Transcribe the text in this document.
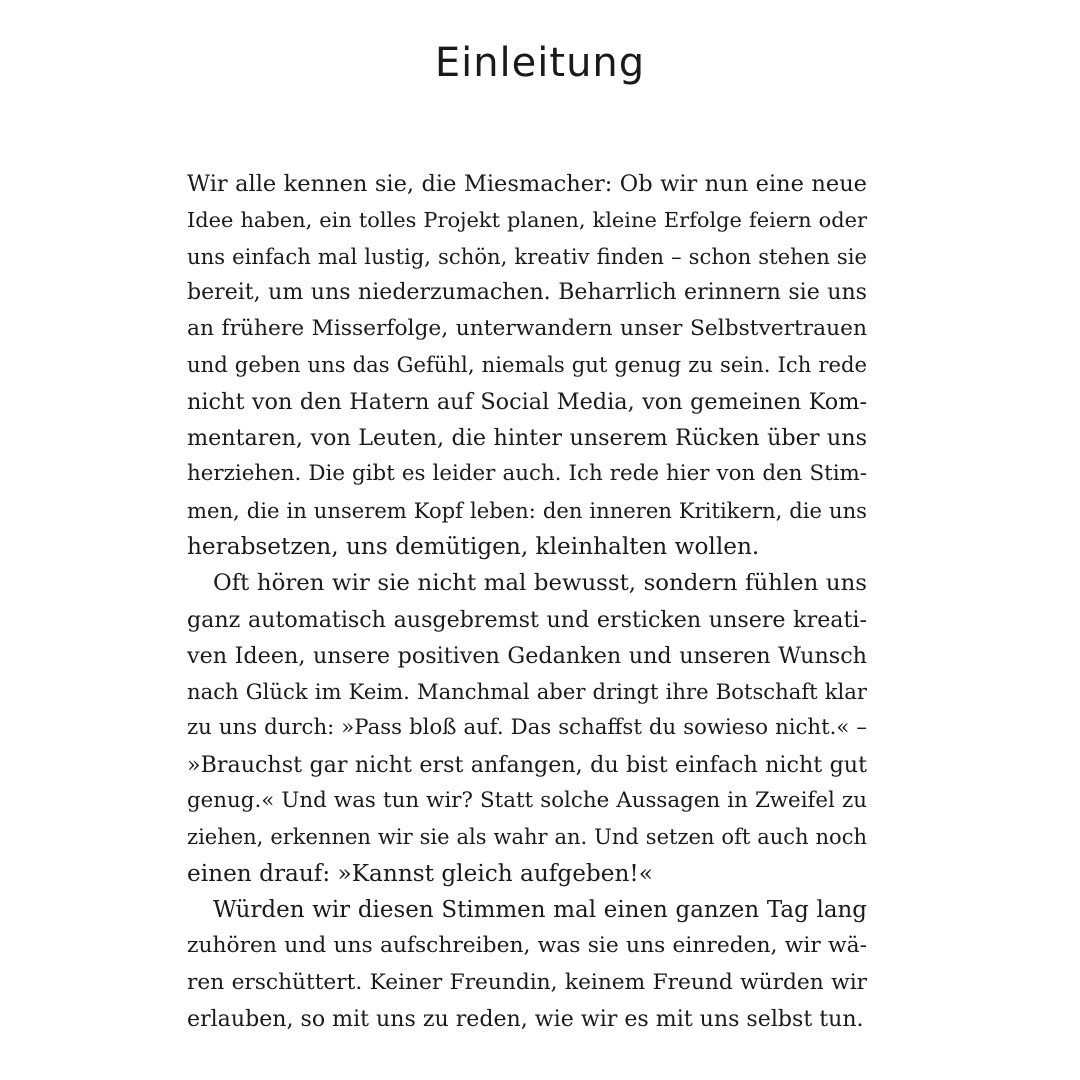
Einleitung
Wir alle kennen sie, die Miesmacher: Ob wir nun eine neue
Idee haben, ein tolles Projekt planen, kleine Erfolge feiern oder
uns einfach mal lustig, schön, kreativ finden – schon stehen sie
bereit, um uns niederzumachen. Beharrlich erinnern sie uns
an frühere Misserfolge, unterwandern unser Selbstvertrauen
und geben uns das Gefühl, niemals gut genug zu sein. Ich rede
nicht von den Hatern auf Social Media, von gemeinen Kom-
mentaren, von Leuten, die hinter unserem Rücken über uns
herziehen. Die gibt es leider auch. Ich rede hier von den Stim-
men, die in unserem Kopf leben: den inneren Kritikern, die uns
herabsetzen, uns demütigen, kleinhalten wollen.
Oft hören wir sie nicht mal bewusst, sondern fühlen uns
ganz automatisch ausgebremst und ersticken unsere kreati-
ven Ideen, unsere positiven Gedanken und unseren Wunsch
nach Glück im Keim. Manchmal aber dringt ihre Botschaft klar
zu uns durch: »Pass bloß auf. Das schaffst du sowieso nicht.« –
»Brauchst gar nicht erst anfangen, du bist einfach nicht gut
genug.« Und was tun wir? Statt solche Aussagen in Zweifel zu
ziehen, erkennen wir sie als wahr an. Und setzen oft auch noch
einen drauf: »Kannst gleich aufgeben!«
Würden wir diesen Stimmen mal einen ganzen Tag lang
zuhören und uns aufschreiben, was sie uns einreden, wir wä-
ren erschüttert. Keiner Freundin, keinem Freund würden wir
erlauben, so mit uns zu reden, wie wir es mit uns selbst tun.
